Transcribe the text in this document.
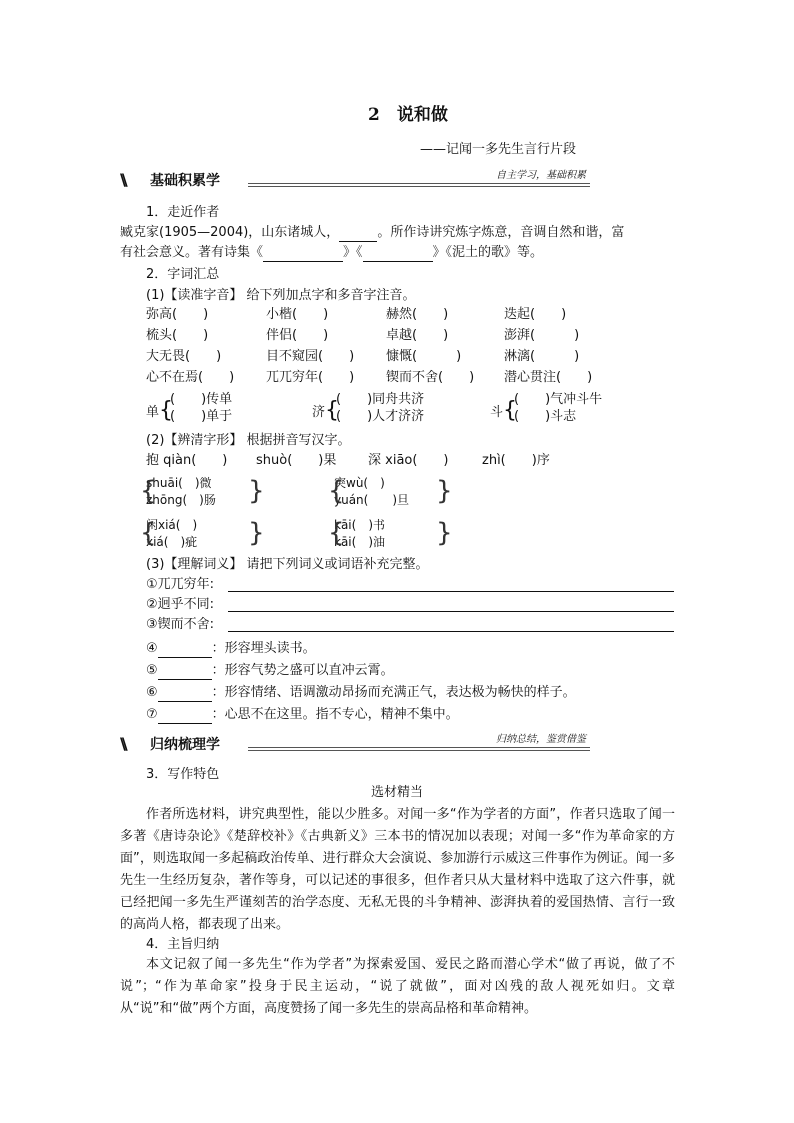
2　说和做
——记闻一多先生言行片段
\\ 基础积累学	自主学习，基础积累
1．走近作者
臧克家(1905—2004)，山东诸城人，	。所作诗讲究炼字炼意，音调自然和谐，富
有社会意义。著有诗集《	》《	》《泥土的歌》等。
2．字词汇总
(1)【读准字音】 给下列加点字和多音字注音。
弥高(　　)	小楷(　　)	赫然(　　)	迭起(　　)
梳头(　　)	伴侣(　　)	卓越(　　)	澎湃(　　　)
大无畏(　　)	目不窥园(　　) 慷慨(　　　)	淋漓(　　　)
心不在焉(　　) 兀兀穷年(　　) 锲而不舍(　　) 潜心贯注(　　)
单 {
(　　)传单
(　　)单于	济 {
(　　)同舟共济
(　　)人才济济	斗 {
(　　)气冲斗牛
(　　)斗志
(2)【辨清字形】 根据拼音写汉字。
抱 qiàn(　　) shuò(　　)果 深 xiāo(　　)	zhì(　　)序
shuāi(　)微
zhōng(　)肠
{	}	突wù(　)
yuán(　　)旦
{	}
闲xiá(　)
xiá(　)疵
{	}	kāi(　)书
kāi(　)油
{	}
(3)【理解词义】 请把下列词义或词语补充完整。
①兀兀穷年:
②迥乎不同:
③锲而不舍:
④	：形容埋头读书。
⑤	：形容气势之盛可以直冲云霄。
⑥	：形容情绪、语调激动昂扬而充满正气，表达极为畅快的样子。
⑦	：心思不在这里。指不专心，精神不集中。
\\ 归纳梳理学	归纳总结，鉴赏借鉴
3．写作特色
选材精当
作者所选材料，讲究典型性，能以少胜多。对闻一多“作为学者的方面”，作者只选取了闻一多著《唐诗杂论》《楚辞校补》《古典新义》三本书的情况加以表现；对闻一多“作为革命家的方面”，则选取闻一多起稿政治传单、进行群众大会演说、参加游行示威这三件事作为例证。闻一多先生一生经历复杂，著作等身，可以记述的事很多，但作者只从大量材料中选取了这六件事，就已经把闻一多先生严谨刻苦的治学态度、无私无畏的斗争精神、澎湃执着的爱国热情、言行一致的高尚人格，都表现了出来。
4．主旨归纳
本文记叙了闻一多先生“作为学者”为探索爱国、爱民之路而潜心学术“做了再说，做了不说”；“作为革命家”投身于民主运动，“说了就做”，面对凶残的敌人视死如归。文章从“说”和“做”两个方面，高度赞扬了闻一多先生的崇高品格和革命精神。
